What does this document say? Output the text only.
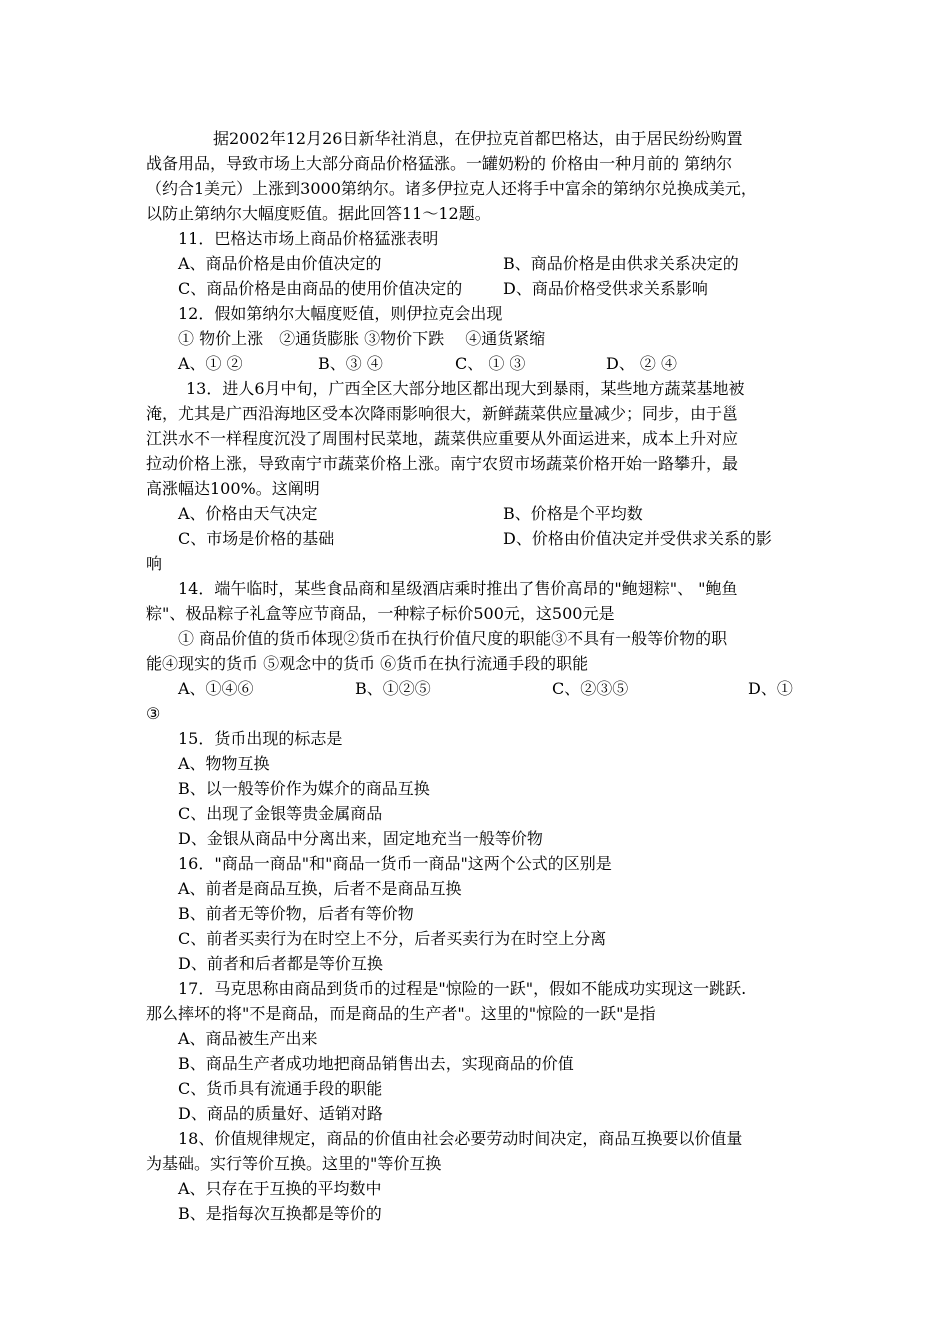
据2002年12月26日新华社消息，在伊拉克首都巴格达，由于居民纷纷购置
战备用品，导致市场上大部分商品价格猛涨。一罐奶粉的 价格由一种月前的 第纳尔
（约合1美元）上涨到3000第纳尔。诸多伊拉克人还将手中富余的第纳尔兑换成美元，
以防止第纳尔大幅度贬值。据此回答11～12题。
11．巴格达市场上商品价格猛涨表明
A、商品价格是由价值决定的	B、商品价格是由供求关系决定的
C、商品价格是由商品的使用价值决定的	D、商品价格受供求关系影响
12．假如第纳尔大幅度贬值，则伊拉克会出现
① 物价上涨　②通货膨胀 ③物价下跌　 ④通货紧缩
A、① ②	B、③ ④	C、 ① ③	D、 ② ④
13．进人6月中旬，广西全区大部分地区都出现大到暴雨，某些地方蔬菜基地被
淹，尤其是广西沿海地区受本次降雨影响很大，新鲜蔬菜供应量减少；同步，由于邕
江洪水不一样程度沉没了周围村民菜地，蔬菜供应重要从外面运进来，成本上升对应
拉动价格上涨，导致南宁市蔬菜价格上涨。南宁农贸市场蔬菜价格开始一路攀升，最
高涨幅达100%。这阐明
A、价格由天气决定	B、价格是个平均数
C、市场是价格的基础	D、价格由价值决定并受供求关系的影
响
14．端午临时，某些食品商和星级酒店乘时推出了售价高昂的"鲍翅粽"、 "鲍鱼
粽"、极品粽子礼盒等应节商品，一种粽子标价500元，这500元是
① 商品价值的货币体现②货币在执行价值尺度的职能③不具有一般等价物的职
能④现实的货币 ⑤观念中的货币 ⑥货币在执行流通手段的职能
A、①④⑥	B、①②⑤	C、②③⑤	D、①
③
15．货币出现的标志是
A、物物互换
B、以一般等价作为媒介的商品互换
C、出现了金银等贵金属商品
D、金银从商品中分离出来，固定地充当一般等价物
16．"商品一商品"和"商品一货币一商品"这两个公式的区别是
A、前者是商品互换，后者不是商品互换
B、前者无等价物，后者有等价物
C、前者买卖行为在时空上不分，后者买卖行为在时空上分离
D、前者和后者都是等价互换
17．马克思称由商品到货币的过程是"惊险的一跃"，假如不能成功实现这一跳跃.
那么摔坏的将"不是商品，而是商品的生产者"。这里的"惊险的一跃"是指
A、商品被生产出来
B、商品生产者成功地把商品销售出去，实现商品的价值
C、货币具有流通手段的职能
D、商品的质量好、适销对路
18、价值规律规定，商品的价值由社会必要劳动时间决定，商品互换要以价值量
为基础。实行等价互换。这里的"等价互换
A、只存在于互换的平均数中
B、是指每次互换都是等价的
